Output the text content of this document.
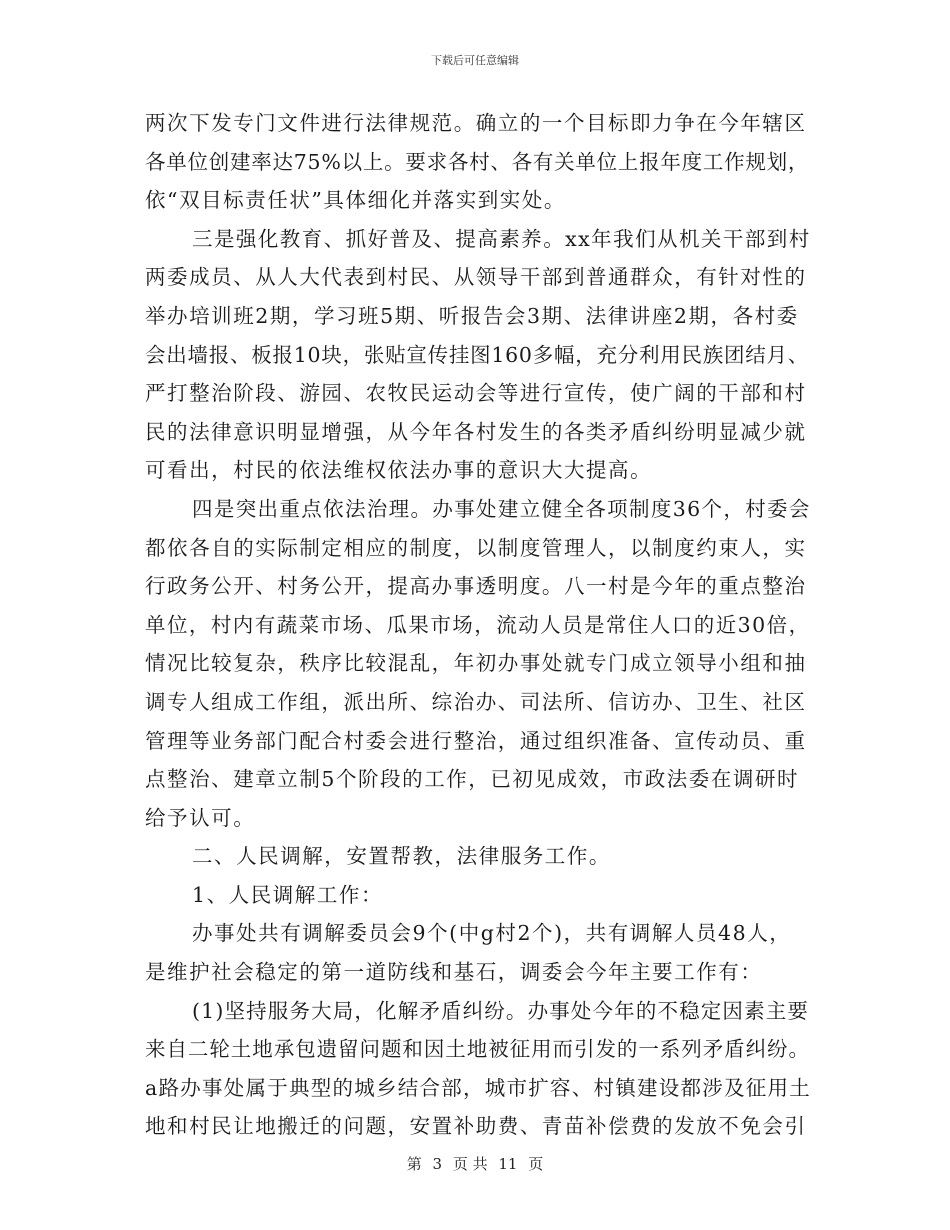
下载后可任意编辑
两次下发专门文件进行法律规范。确立的一个目标即力争在今年辖区
各单位创建率达75%以上。要求各村、各有关单位上报年度工作规划，
依“双目标责任状”具体细化并落实到实处。
三是强化教育、抓好普及、提高素养。xx年我们从机关干部到村
两委成员、从人大代表到村民、从领导干部到普通群众，有针对性的
举办培训班2期，学习班5期、听报告会3期、法律讲座2期，各村委
会出墙报、板报10块，张贴宣传挂图160多幅，充分利用民族团结月、
严打整治阶段、游园、农牧民运动会等进行宣传，使广阔的干部和村
民的法律意识明显增强，从今年各村发生的各类矛盾纠纷明显减少就
可看出，村民的依法维权依法办事的意识大大提高。
四是突出重点依法治理。办事处建立健全各项制度36个，村委会
都依各自的实际制定相应的制度，以制度管理人，以制度约束人，实
行政务公开、村务公开，提高办事透明度。八一村是今年的重点整治
单位，村内有蔬菜市场、瓜果市场，流动人员是常住人口的近30倍，
情况比较复杂，秩序比较混乱，年初办事处就专门成立领导小组和抽
调专人组成工作组，派出所、综治办、司法所、信访办、卫生、社区
管理等业务部门配合村委会进行整治，通过组织准备、宣传动员、重
点整治、建章立制5个阶段的工作，已初见成效，市政法委在调研时
给予认可。
二、人民调解，安置帮教，法律服务工作。
1、人民调解工作：
办事处共有调解委员会9个(中g村2个)，共有调解人员48人，
是维护社会稳定的第一道防线和基石，调委会今年主要工作有：
(1)坚持服务大局，化解矛盾纠纷。办事处今年的不稳定因素主要
来自二轮土地承包遗留问题和因土地被征用而引发的一系列矛盾纠纷。
a路办事处属于典型的城乡结合部，城市扩容、村镇建设都涉及征用土
地和村民让地搬迁的问题，安置补助费、青苗补偿费的发放不免会引
第 3 页 共 11 页
